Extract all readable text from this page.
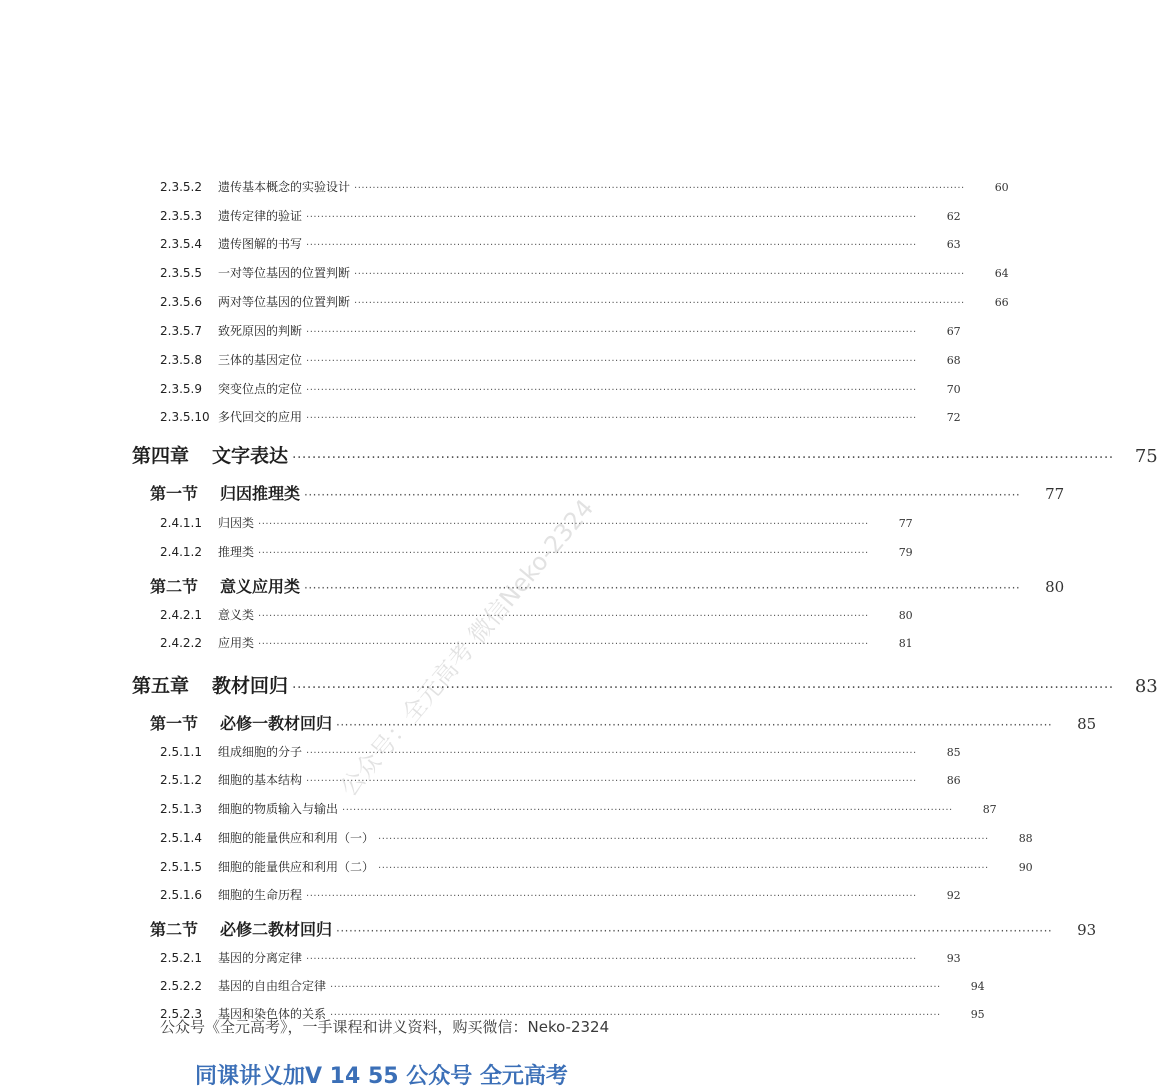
2.3.5.2	遗传基本概念的实验设计 ·····	60
2.3.5.3	遗传定律的验证 ·····	62
2.3.5.4	遗传图解的书写 ·····	63
2.3.5.5	一对等位基因的位置判断 ·····	64
2.3.5.6	两对等位基因的位置判断 ·····	66
2.3.5.7	致死原因的判断 ·····	67
2.3.5.8	三体的基因定位 ·····	68
2.3.5.9	突变位点的定位 ·····	70
2.3.5.10 多代回交的应用 ·····	72
第四章	文字表达 ·····	75
第一节	归因推理类 ·····	77
2.4.1.1	归因类 ·····	77
2.4.1.2	推理类 ·····	79
第二节	意义应用类 ·····	80
2.4.2.1	意义类 ·····	80
2.4.2.2	应用类 ·····	81
第五章	教材回归 ·····	83
第一节	必修一教材回归 ·····	85
2.5.1.1	组成细胞的分子 ·····	85
2.5.1.2	细胞的基本结构 ·····	86
2.5.1.3	细胞的物质输入与输出 ·····	87
2.5.1.4	细胞的能量供应和利用（一） ·····	88
2.5.1.5	细胞的能量供应和利用（二） ·····	90
2.5.1.6	细胞的生命历程 ·····	92
第二节	必修二教材回归 ·····	93
2.5.2.1	基因的分离定律 ·····	93
2.5.2.2	基因的自由组合定律 ·····	94
2.5.2.3	基因和染色体的关系 ·····	95
公众号：全元高考 微信Neko-2324
公众号《全元高考》，一手课程和讲义资料，购买微信：Neko-2324
同课讲义加V 14 55 公众号 全元高考
